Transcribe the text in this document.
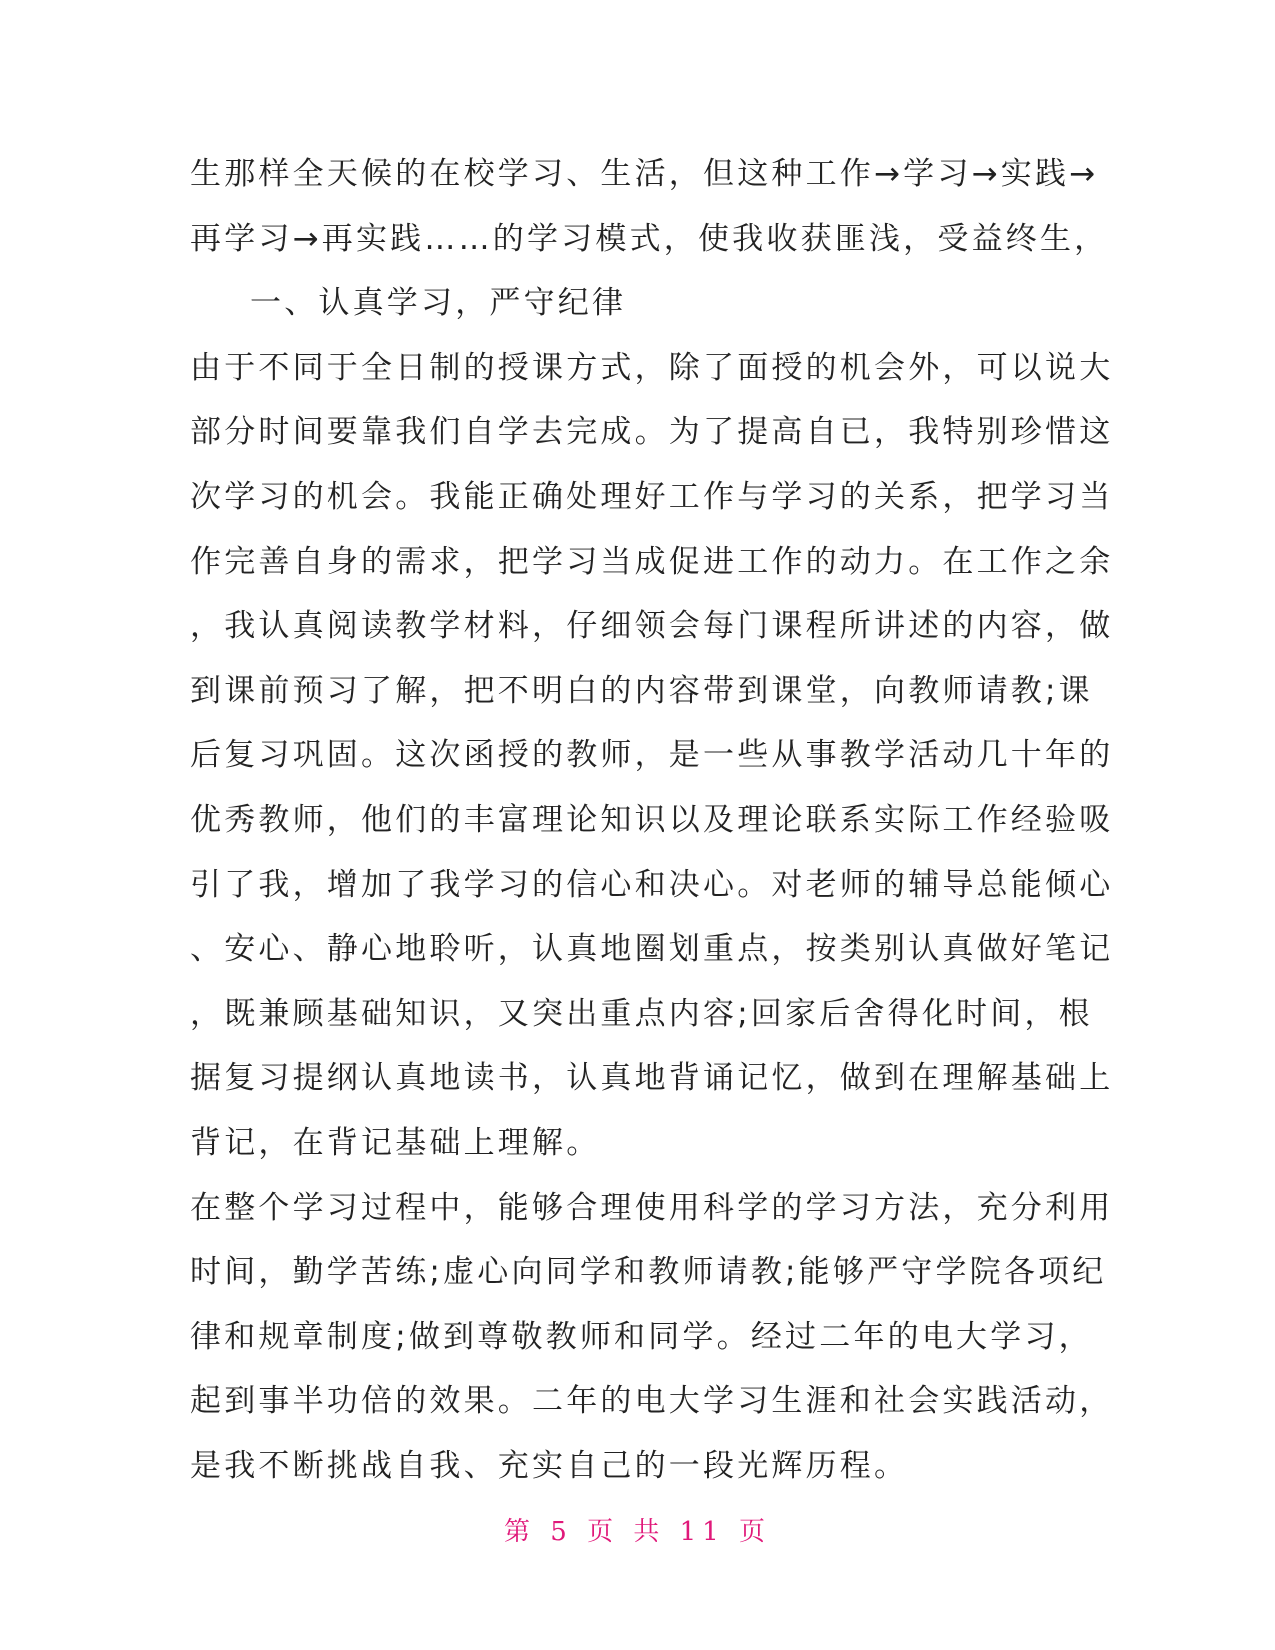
生那样全天候的在校学习、生活，但这种工作→学习→实践→
再学习→再实践……的学习模式，使我收获匪浅，受益终生，
一、认真学习，严守纪律
由于不同于全日制的授课方式，除了面授的机会外，可以说大
部分时间要靠我们自学去完成。为了提高自已，我特别珍惜这
次学习的机会。我能正确处理好工作与学习的关系，把学习当
作完善自身的需求，把学习当成促进工作的动力。在工作之余
，我认真阅读教学材料，仔细领会每门课程所讲述的内容，做
到课前预习了解，把不明白的内容带到课堂，向教师请教;课
后复习巩固。这次函授的教师，是一些从事教学活动几十年的
优秀教师，他们的丰富理论知识以及理论联系实际工作经验吸
引了我，增加了我学习的信心和决心。对老师的辅导总能倾心
、安心、静心地聆听，认真地圈划重点，按类别认真做好笔记
，既兼顾基础知识，又突出重点内容;回家后舍得化时间，根
据复习提纲认真地读书，认真地背诵记忆，做到在理解基础上
背记，在背记基础上理解。
在整个学习过程中，能够合理使用科学的学习方法，充分利用
时间，勤学苦练;虚心向同学和教师请教;能够严守学院各项纪
律和规章制度;做到尊敬教师和同学。经过二年的电大学习，
起到事半功倍的效果。二年的电大学习生涯和社会实践活动，
是我不断挑战自我、充实自己的一段光辉历程。
第 5 页 共 11 页
